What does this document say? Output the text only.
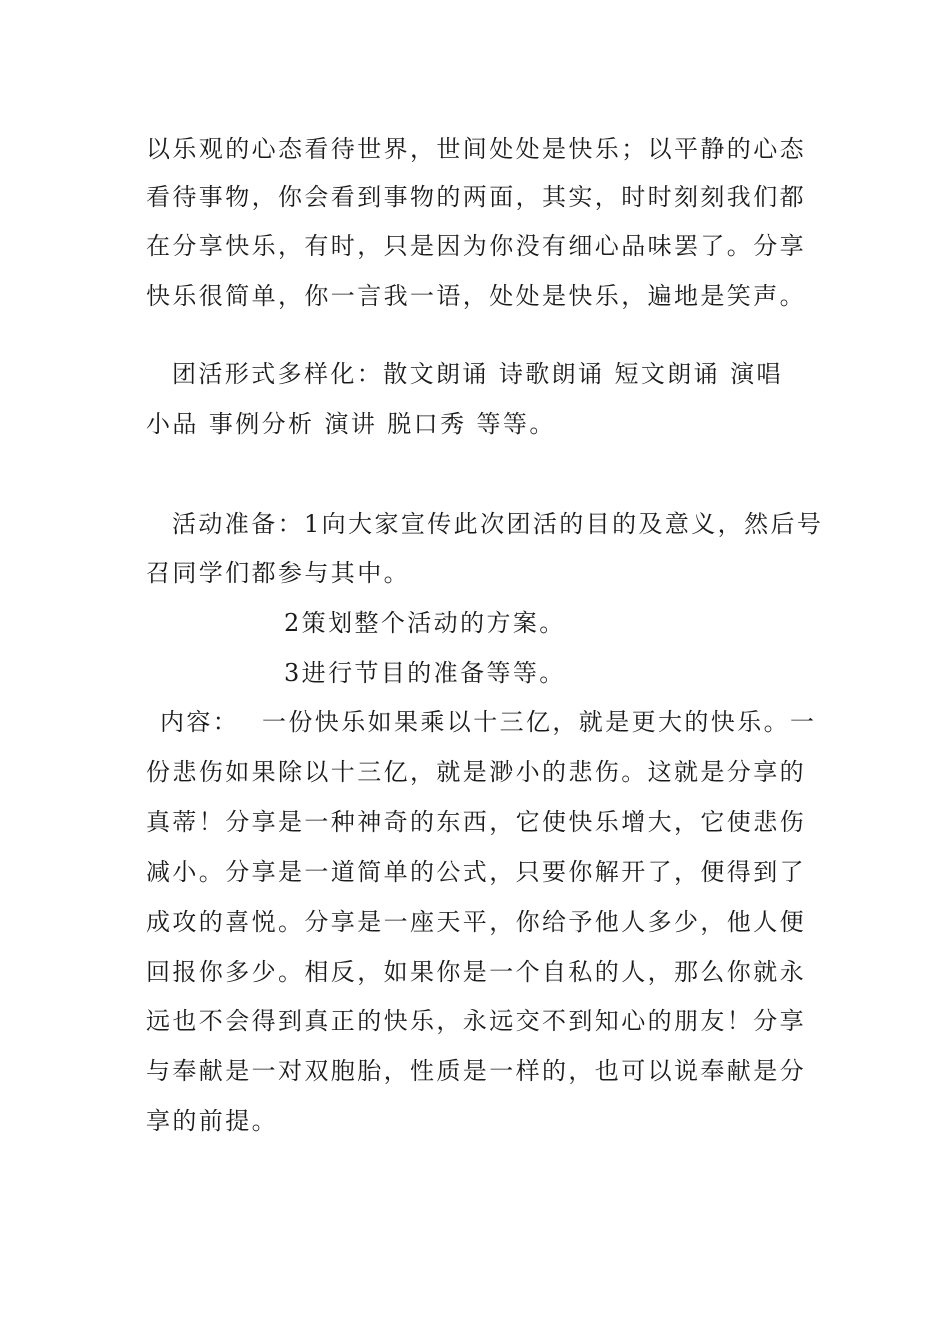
以乐观的心态看待世界，世间处处是快乐；以平静的心态
看待事物，你会看到事物的两面，其实，时时刻刻我们都
在分享快乐，有时，只是因为你没有细心品味罢了。分享
快乐很简单，你一言我一语，处处是快乐，遍地是笑声。
团活形式多样化：散文朗诵 诗歌朗诵 短文朗诵 演唱
小品 事例分析 演讲 脱口秀 等等。
活动准备：1向大家宣传此次团活的目的及意义，然后号
召同学们都参与其中。
2策划整个活动的方案。
3进行节目的准备等等。
内容： 一份快乐如果乘以十三亿，就是更大的快乐。一
份悲伤如果除以十三亿，就是渺小的悲伤。这就是分享的
真蒂！分享是一种神奇的东西，它使快乐增大，它使悲伤
减小。分享是一道简单的公式，只要你解开了，便得到了
成攻的喜悦。分享是一座天平，你给予他人多少，他人便
回报你多少。相反，如果你是一个自私的人，那么你就永
远也不会得到真正的快乐，永远交不到知心的朋友！分享
与奉献是一对双胞胎，性质是一样的，也可以说奉献是分
享的前提。
